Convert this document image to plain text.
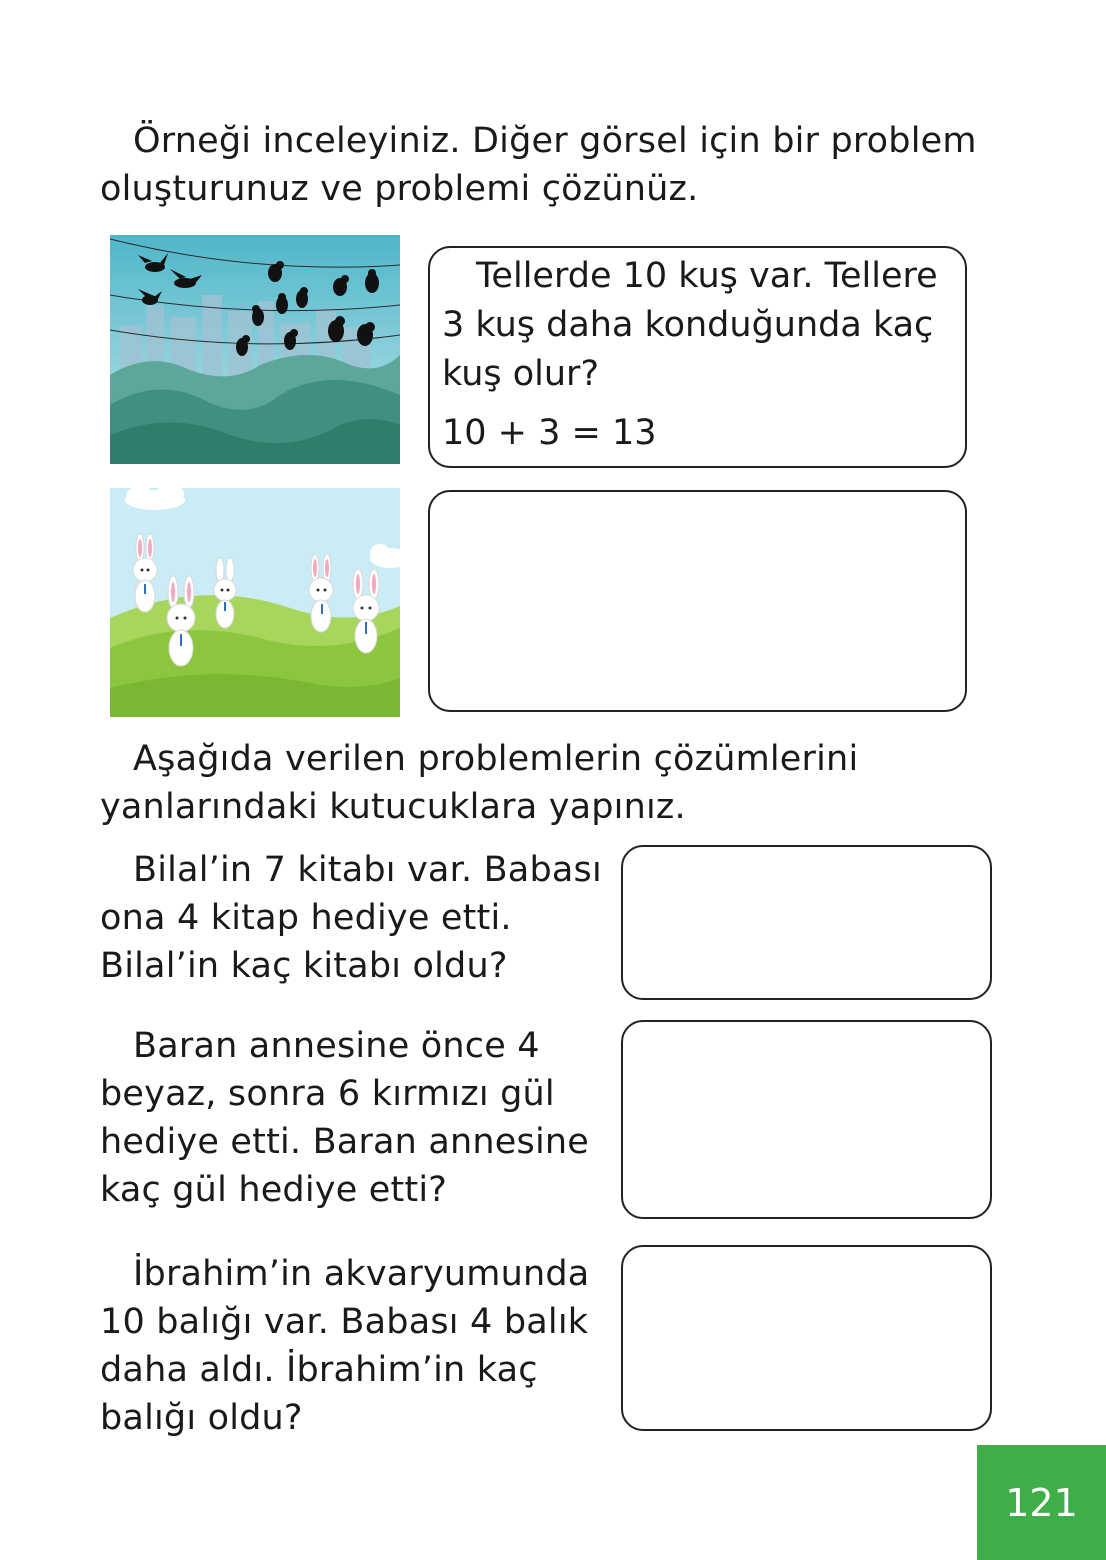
Örneği inceleyiniz. Diğer görsel için bir problem
oluşturunuz ve problemi çözünüz.

Tellerde 10 kuş var. Tellere
3 kuş daha konduğunda kaç
kuş olur?
10 + 3 = 13

Aşağıda verilen problemlerin çözümlerini
yanlarındaki kutucuklara yapınız.

Bilal’in 7 kitabı var. Babası
ona 4 kitap hediye etti.
Bilal’in kaç kitabı oldu?

Baran annesine önce 4
beyaz, sonra 6 kırmızı gül
hediye etti. Baran annesine
kaç gül hediye etti?

İbrahim’in akvaryumunda
10 balığı var. Babası 4 balık
daha aldı. İbrahim’in kaç
balığı oldu?

121
